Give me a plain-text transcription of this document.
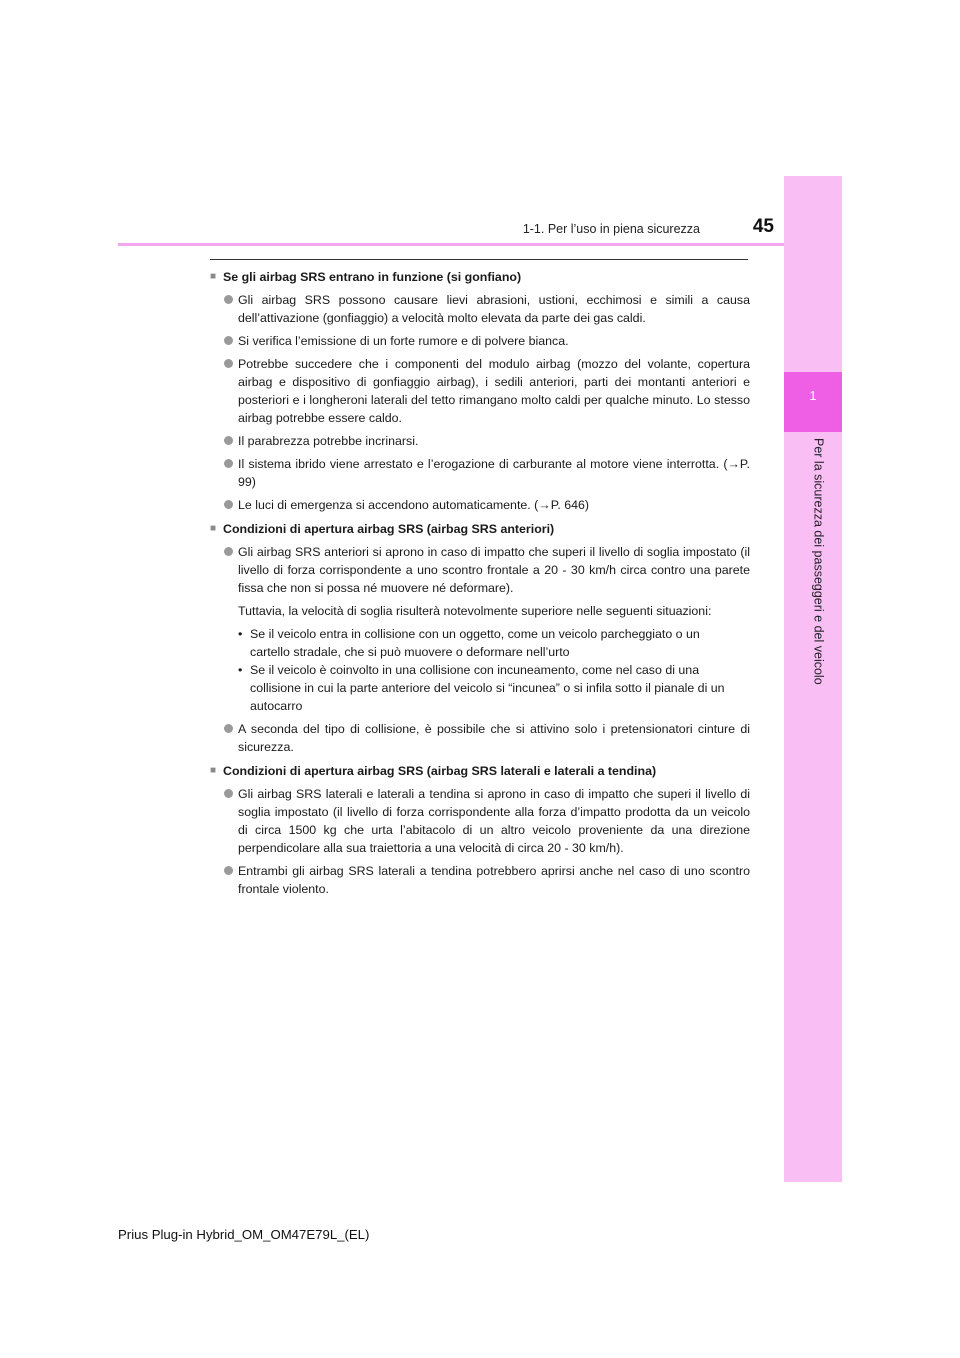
1
Per la sicurezza dei passeggeri e del veicolo
1-1. Per l’uso in piena sicurezza	45
■ Se gli airbag SRS entrano in funzione (si gonfiano)
Gli airbag SRS possono causare lievi abrasioni, ustioni, ecchimosi e simili a causa dell’attivazione (gonfiaggio) a velocità molto elevata da parte dei gas caldi.
Si verifica l’emissione di un forte rumore e di polvere bianca.
Potrebbe succedere che i componenti del modulo airbag (mozzo del volante, copertura airbag e dispositivo di gonfiaggio airbag), i sedili anteriori, parti dei montanti anteriori e posteriori e i longheroni laterali del tetto rimangano molto caldi per qualche minuto. Lo stesso airbag potrebbe essere caldo.
Il parabrezza potrebbe incrinarsi.
Il sistema ibrido viene arrestato e l’erogazione di carburante al motore viene interrotta. (→P. 99)
Le luci di emergenza si accendono automaticamente. (→P. 646)
■ Condizioni di apertura airbag SRS (airbag SRS anteriori)
Gli airbag SRS anteriori si aprono in caso di impatto che superi il livello di soglia impostato (il livello di forza corrispondente a uno scontro frontale a 20 - 30 km/h circa contro una parete fissa che non si possa né muovere né deformare).
Tuttavia, la velocità di soglia risulterà notevolmente superiore nelle seguenti situazioni:
• Se il veicolo entra in collisione con un oggetto, come un veicolo parcheggiato o un cartello stradale, che si può muovere o deformare nell’urto
• Se il veicolo è coinvolto in una collisione con incuneamento, come nel caso di una collisione in cui la parte anteriore del veicolo si “incunea” o si infila sotto il pianale di un autocarro
A seconda del tipo di collisione, è possibile che si attivino solo i pretensionatori cinture di sicurezza.
■ Condizioni di apertura airbag SRS (airbag SRS laterali e laterali a tendina)
Gli airbag SRS laterali e laterali a tendina si aprono in caso di impatto che superi il livello di soglia impostato (il livello di forza corrispondente alla forza d’impatto prodotta da un veicolo di circa 1500 kg che urta l’abitacolo di un altro veicolo proveniente da una direzione perpendicolare alla sua traiettoria a una velocità di circa 20 - 30 km/h).
Entrambi gli airbag SRS laterali a tendina potrebbero aprirsi anche nel caso di uno scontro frontale violento.
Prius Plug-in Hybrid_OM_OM47E79L_(EL)
